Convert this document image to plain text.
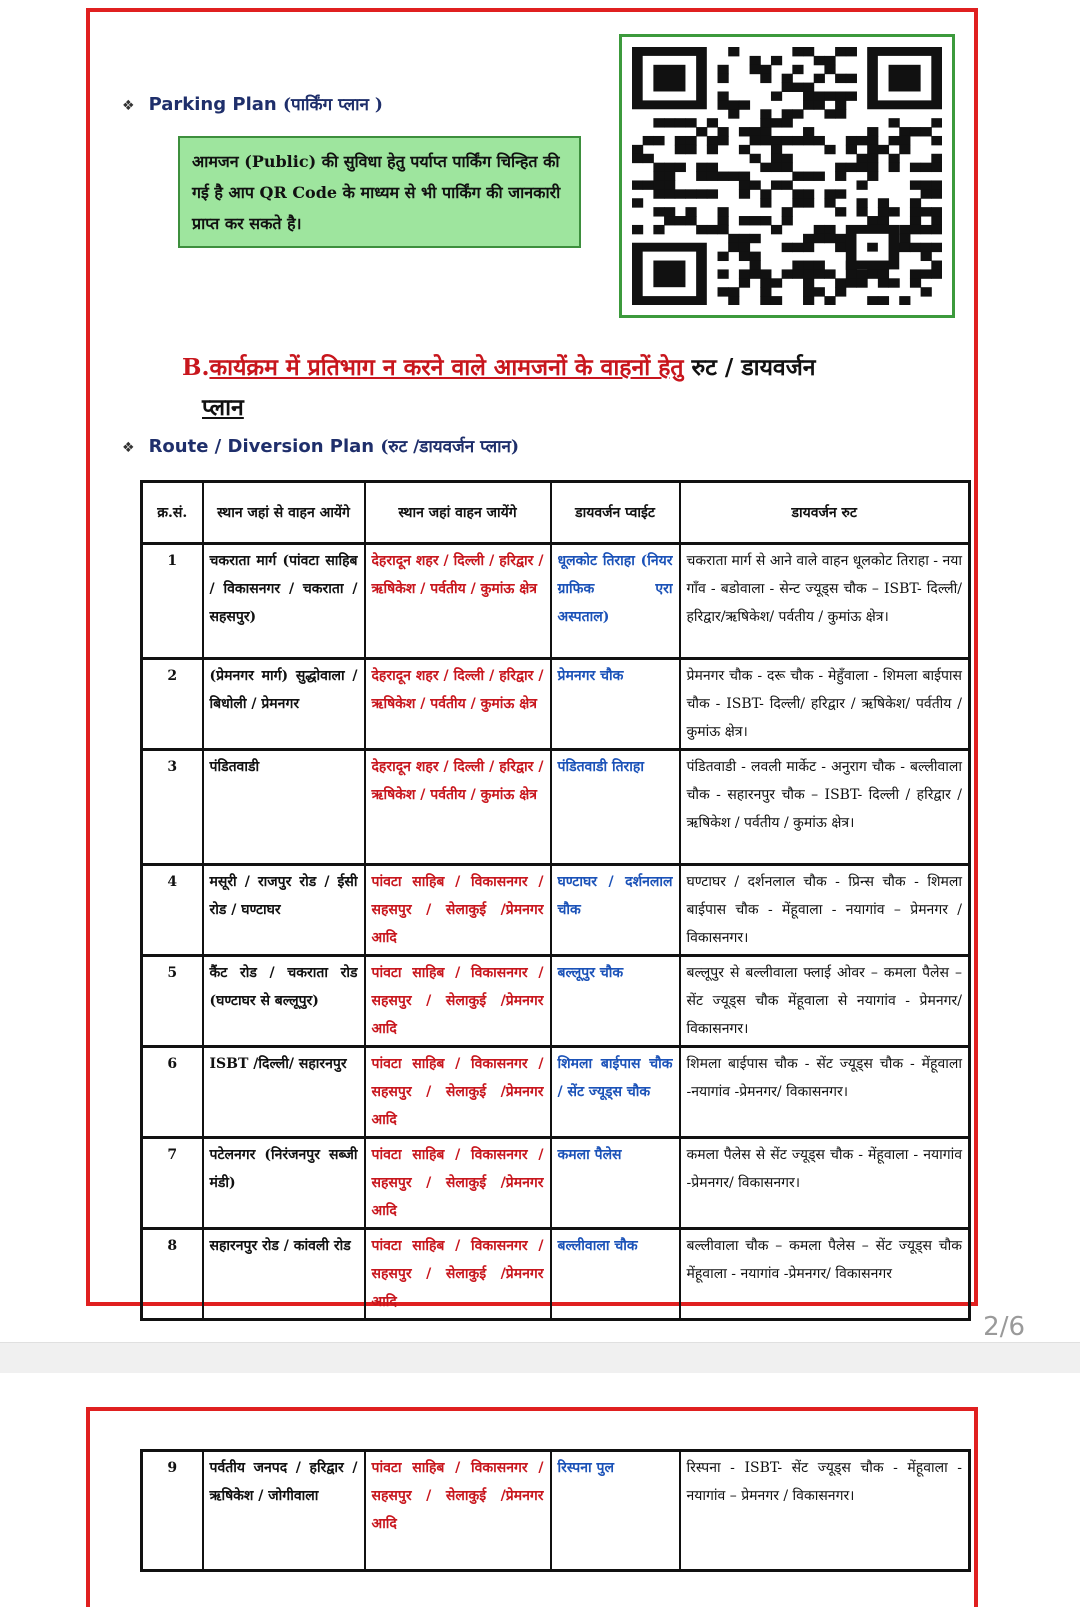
❖ Parking Plan (पार्किंग प्लान )
आमजन (Public) की सुविधा हेतु पर्याप्त पार्किंग चिन्हित की गई है आप QR Code के माध्यम से भी पार्किंग की जानकारी प्राप्त कर सकते है।
B.कार्यक्रम में प्रतिभाग न करने वाले आमजनों के वाहनों हेतु रुट / डायवर्जन
प्लान
❖ Route / Diversion Plan (रुट /डायवर्जन प्लान)
क्र.सं.	स्थान जहां से वाहन आयेंगे	स्थान जहां वाहन जायेंगे	डायवर्जन प्वाईट	डायवर्जन रुट
1	चकराता मार्ग (पांवटा साहिब / विकासनगर / चकराता / सहसपुर)	देहरादून शहर / दिल्ली / हरिद्वार / ऋषिकेश / पर्वतीय / कुमांऊ क्षेत्र	धूलकोट तिराहा (नियर ग्राफिक एरा अस्पताल)	चकराता मार्ग से आने वाले वाहन धूलकोट तिराहा - नया गाँव - बडोवाला - सेन्ट ज्यूड्स चौक – ISBT- दिल्ली/ हरिद्वार/ऋषिकेश/ पर्वतीय / कुमांऊ क्षेत्र।
2	(प्रेमनगर मार्ग) सुद्धोवाला / बिधोली / प्रेमनगर	देहरादून शहर / दिल्ली / हरिद्वार / ऋषिकेश / पर्वतीय / कुमांऊ क्षेत्र	प्रेमनगर चौक	प्रेमनगर चौक - दरू चौक - मेहुँवाला - शिमला बाईपास चौक - ISBT- दिल्ली/ हरिद्वार / ऋषिकेश/ पर्वतीय / कुमांऊ क्षेत्र।
3	पंडितवाडी	देहरादून शहर / दिल्ली / हरिद्वार / ऋषिकेश / पर्वतीय / कुमांऊ क्षेत्र	पंडितवाडी तिराहा	पंडितवाडी - लवली मार्केट - अनुराग चौक - बल्लीवाला चौक - सहारनपुर चौक – ISBT- दिल्ली / हरिद्वार / ऋषिकेश / पर्वतीय / कुमांऊ क्षेत्र।
4	मसूरी / राजपुर रोड / ईसी रोड / घण्टाघर	पांवटा साहिब / विकासनगर / सहसपुर / सेलाकुई /प्रेमनगर आदि	घण्टाघर / दर्शनलाल चौक	घण्टाघर / दर्शनलाल चौक - प्रिन्स चौक - शिमला बाईपास चौक - मेंहूवाला - नयागांव – प्रेमनगर / विकासनगर।
5	कैंट रोड / चकराता रोड (घण्टाघर से बल्लूपुर)	पांवटा साहिब / विकासनगर / सहसपुर / सेलाकुई /प्रेमनगर आदि	बल्लूपुर चौक	बल्लूपुर से बल्लीवाला फ्लाई ओवर – कमला पैलेस – सेंट ज्यूड्स चौक मेंहूवाला से नयागांव - प्रेमनगर/ विकासनगर।
6	ISBT /दिल्ली/ सहारनपुर	पांवटा साहिब / विकासनगर / सहसपुर / सेलाकुई /प्रेमनगर आदि	शिमला बाईपास चौक / सेंट ज्यूड्स चौक	शिमला बाईपास चौक - सेंट ज्यूड्स चौक - मेंहूवाला -नयागांव -प्रेमनगर/ विकासनगर।
7	पटेलनगर (निरंजनपुर सब्जी मंडी)	पांवटा साहिब / विकासनगर / सहसपुर / सेलाकुई /प्रेमनगर आदि	कमला पैलेस	कमला पैलेस से सेंट ज्यूड्स चौक - मेंहूवाला - नयागांव -प्रेमनगर/ विकासनगर।
8	सहारनपुर रोड / कांवली रोड	पांवटा साहिब / विकासनगर / सहसपुर / सेलाकुई /प्रेमनगर आदि	बल्लीवाला चौक	बल्लीवाला चौक – कमला पैलेस – सेंट ज्यूड्स चौक मेंहूवाला - नयागांव -प्रेमनगर/ विकासनगर
2/6
9	पर्वतीय जनपद / हरिद्वार / ऋषिकेश / जोगीवाला	पांवटा साहिब / विकासनगर / सहसपुर / सेलाकुई /प्रेमनगर आदि	रिस्पना पुल	रिस्पना - ISBT- सेंट ज्यूड्स चौक - मेंहूवाला - नयागांव – प्रेमनगर / विकासनगर।
